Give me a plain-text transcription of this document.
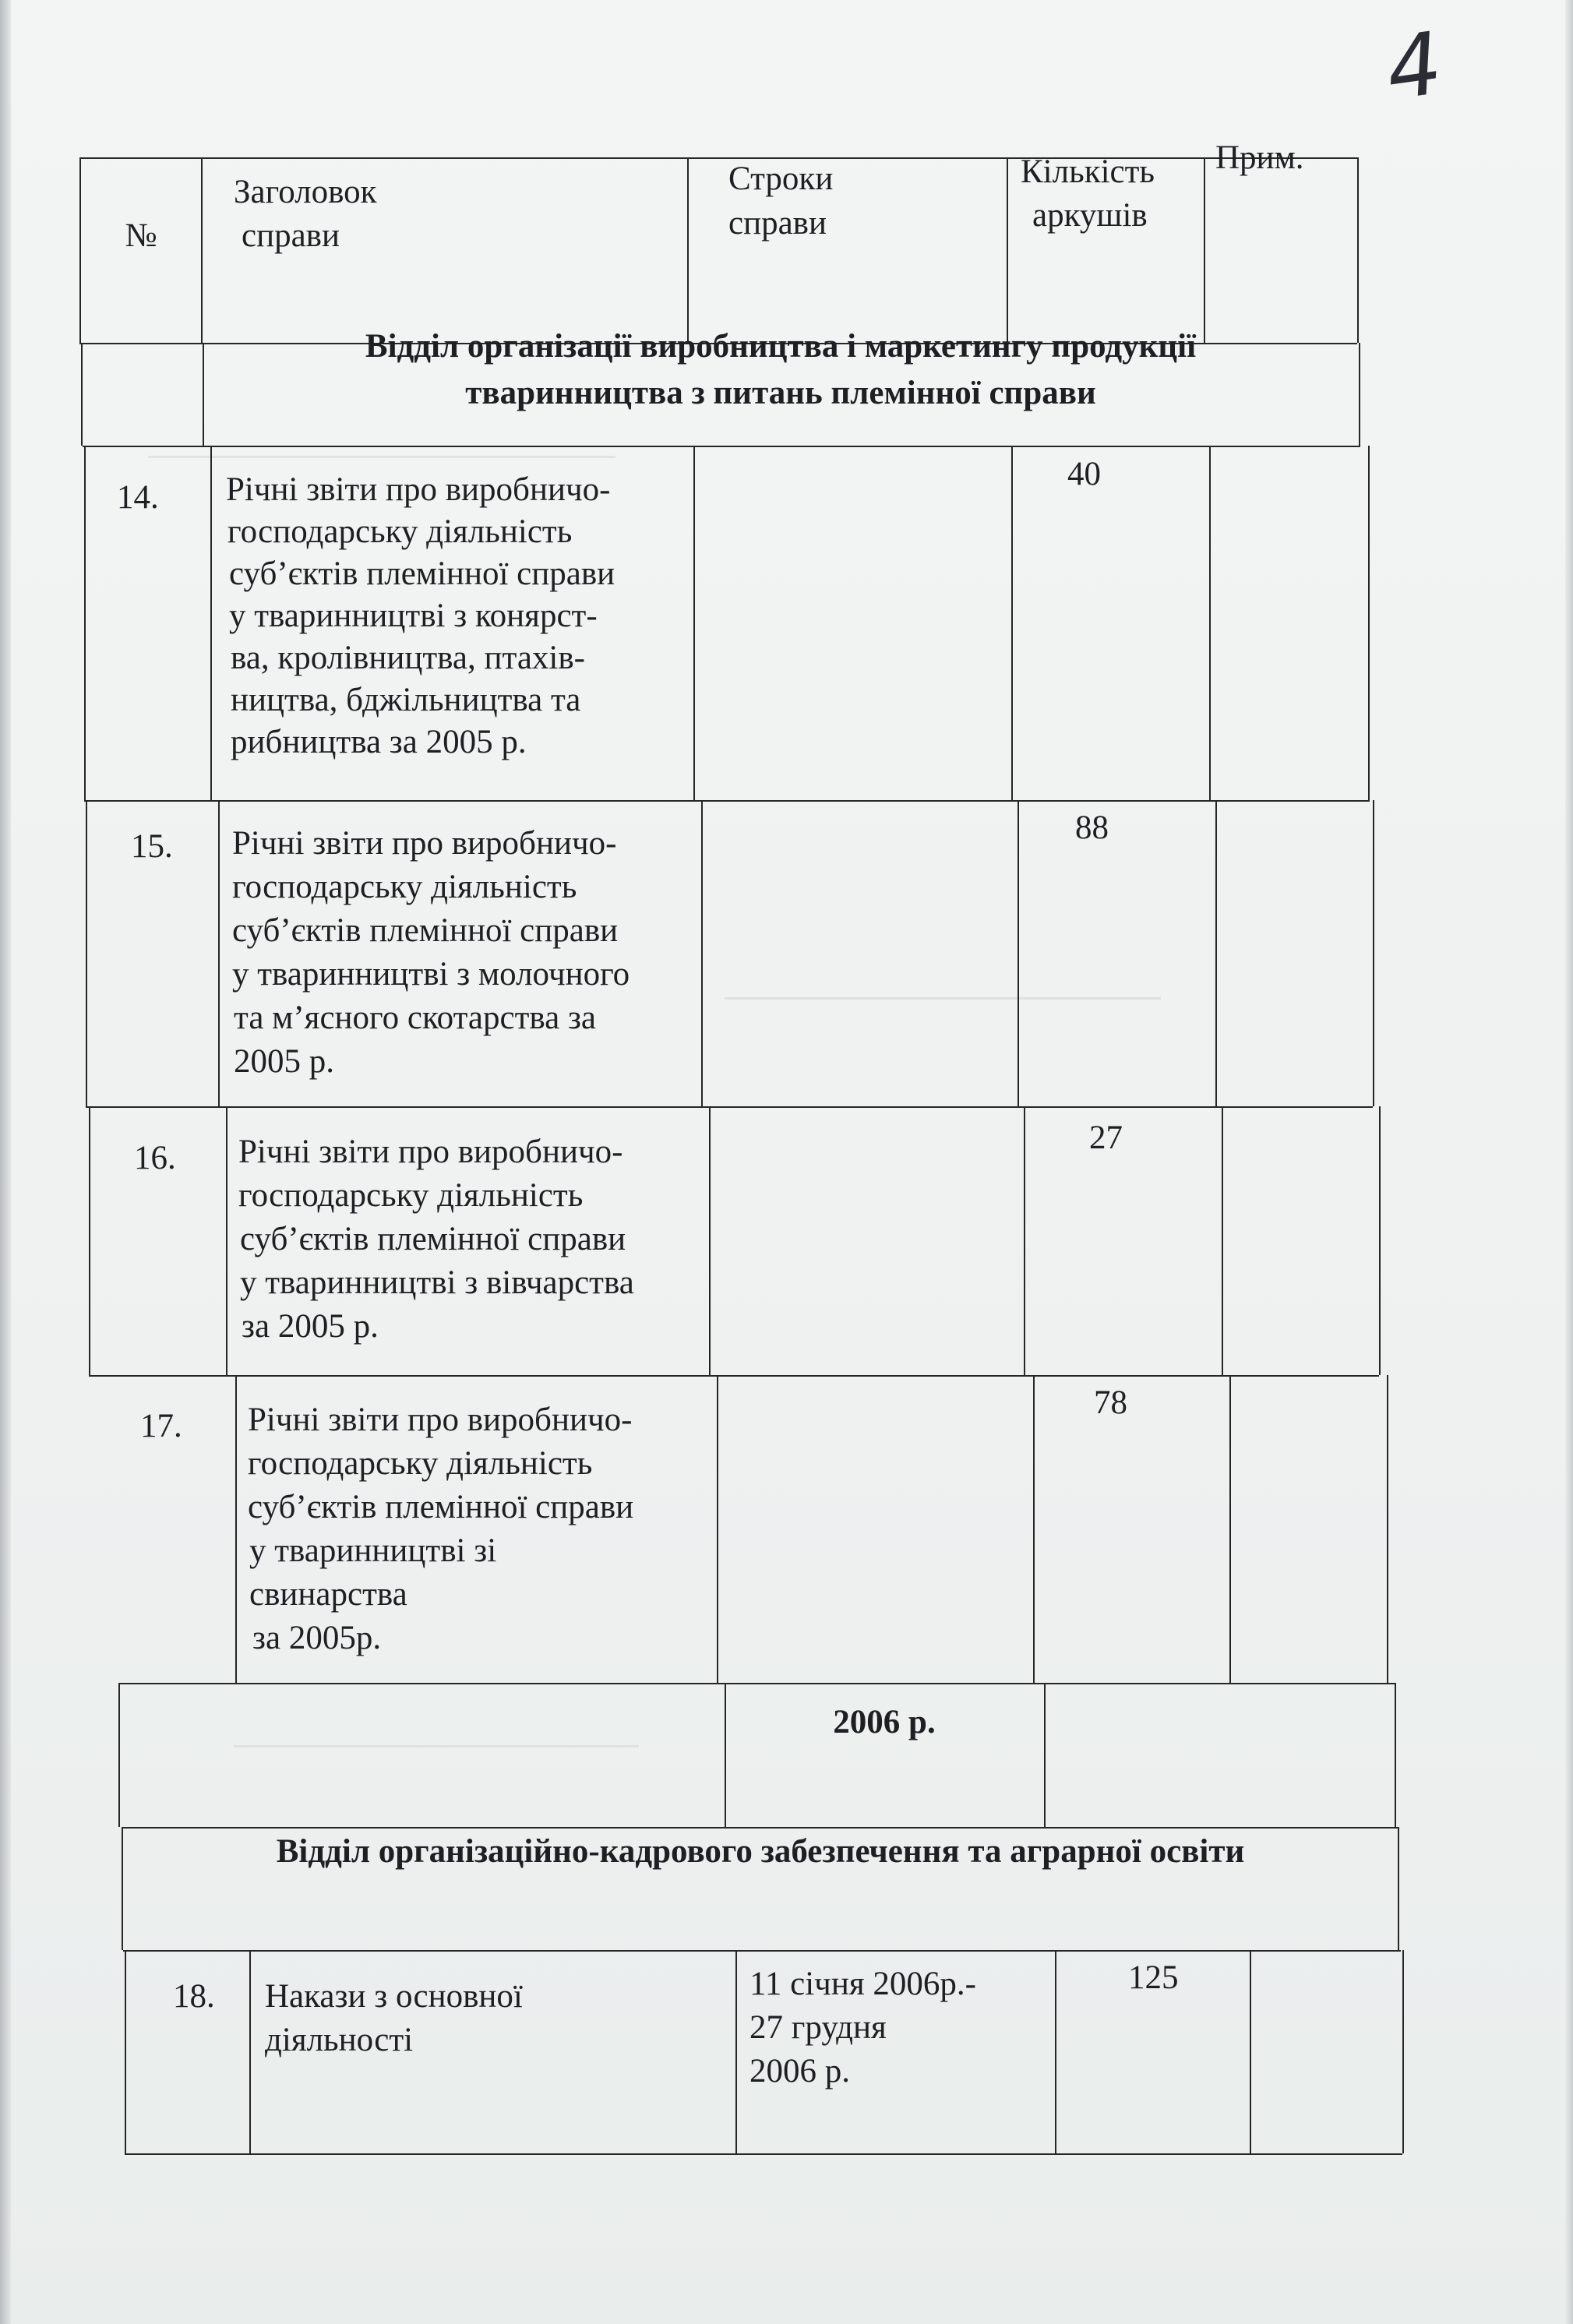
4
№
Заголовок
справи
Строки
справи
Кількість
аркушів
Прим.
Відділ організації виробництва і маркетингу продукції
тваринництва з питань племінної справи
14. Річні звіти про виробничо-
господарську діяльність
суб’єктів племінної справи
у тваринництві з конярст-
ва, кролівництва, птахів-
ництва, бджільництва та
рибництва за 2005 р.
40
15. Річні звіти про виробничо-
господарську діяльність
суб’єктів племінної справи
у тваринництві з молочного
та м’ясного скотарства за
2005 р.
88
16. Річні звіти про виробничо-
господарську діяльність
суб’єктів племінної справи
у тваринництві з вівчарства
за 2005 р.
27
17. Річні звіти про виробничо-
господарську діяльність
суб’єктів племінної справи
у тваринництві зі
свинарства
за 2005р.
78
2006 р.
Відділ організаційно-кадрового забезпечення та аграрної освіти
18. Накази з основної
діяльності
11 січня 2006р.-
27 грудня
2006 р.
125
